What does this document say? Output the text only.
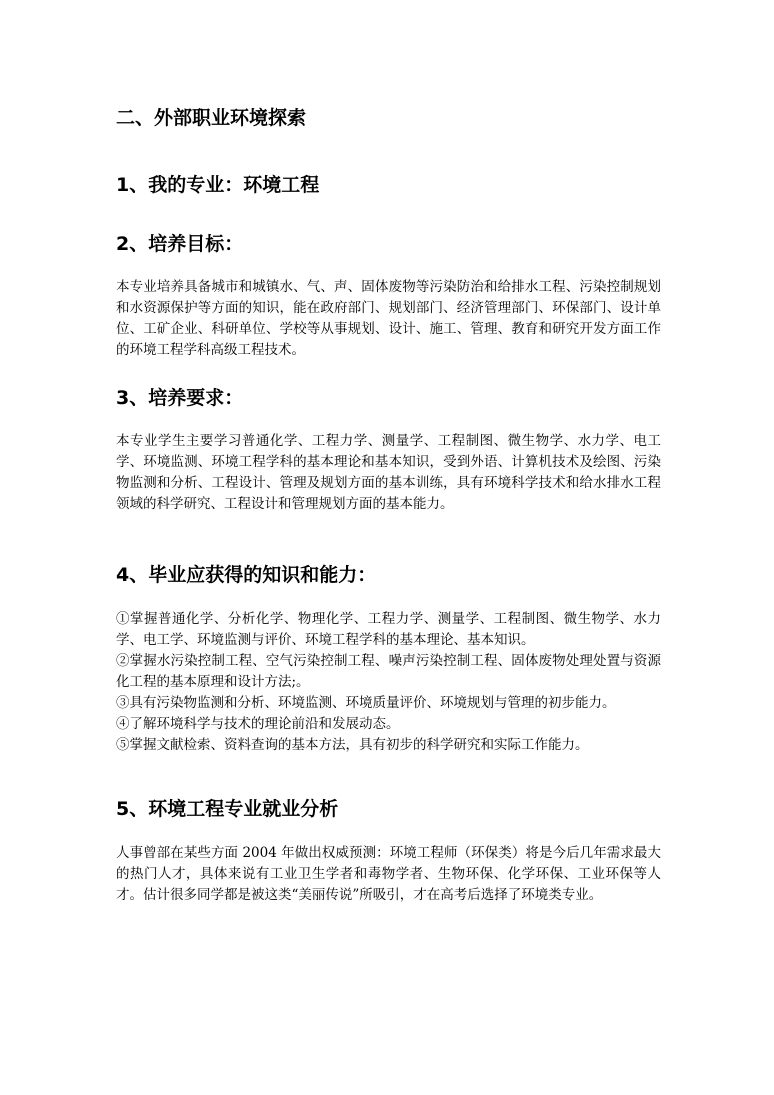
二、外部职业环境探索
1、我的专业：环境工程
2、培养目标：

本专业培养具备城市和城镇水、气、声、固体废物等污染防治和给排水工程、污染控制规划和水资源保护等方面的知识，能在政府部门、规划部门、经济管理部门、环保部门、设计单位、工矿企业、科研单位、学校等从事规划、设计、施工、管理、教育和研究开发方面工作的环境工程学科高级工程技术。

3、培养要求：

本专业学生主要学习普通化学、工程力学、测量学、工程制图、微生物学、水力学、电工学、环境监测、环境工程学科的基本理论和基本知识，受到外语、计算机技术及绘图、污染物监测和分析、工程设计、管理及规划方面的基本训练，具有环境科学技术和给水排水工程领域的科学研究、工程设计和管理规划方面的基本能力。

4、毕业应获得的知识和能力：
①掌握普通化学、分析化学、物理化学、工程力学、测量学、工程制图、微生物学、水力学、电工学、环境监测与评价、环境工程学科的基本理论、基本知识。
②掌握水污染控制工程、空气污染控制工程、噪声污染控制工程、固体废物处理处置与资源化工程的基本原理和设计方法;。
③具有污染物监测和分析、环境监测、环境质量评价、环境规划与管理的初步能力。
④了解环境科学与技术的理论前沿和发展动态。
⑤掌握文献检索、资料查询的基本方法，具有初步的科学研究和实际工作能力。
5、环境工程专业就业分析

人事曾部在某些方面 2004 年做出权威预测：环境工程师（环保类）将是今后几年需求最大的热门人才，具体来说有工业卫生学者和毒物学者、生物环保、化学环保、工业环保等人才。估计很多同学都是被这类“美丽传说”所吸引，才在高考后选择了环境类专业。
